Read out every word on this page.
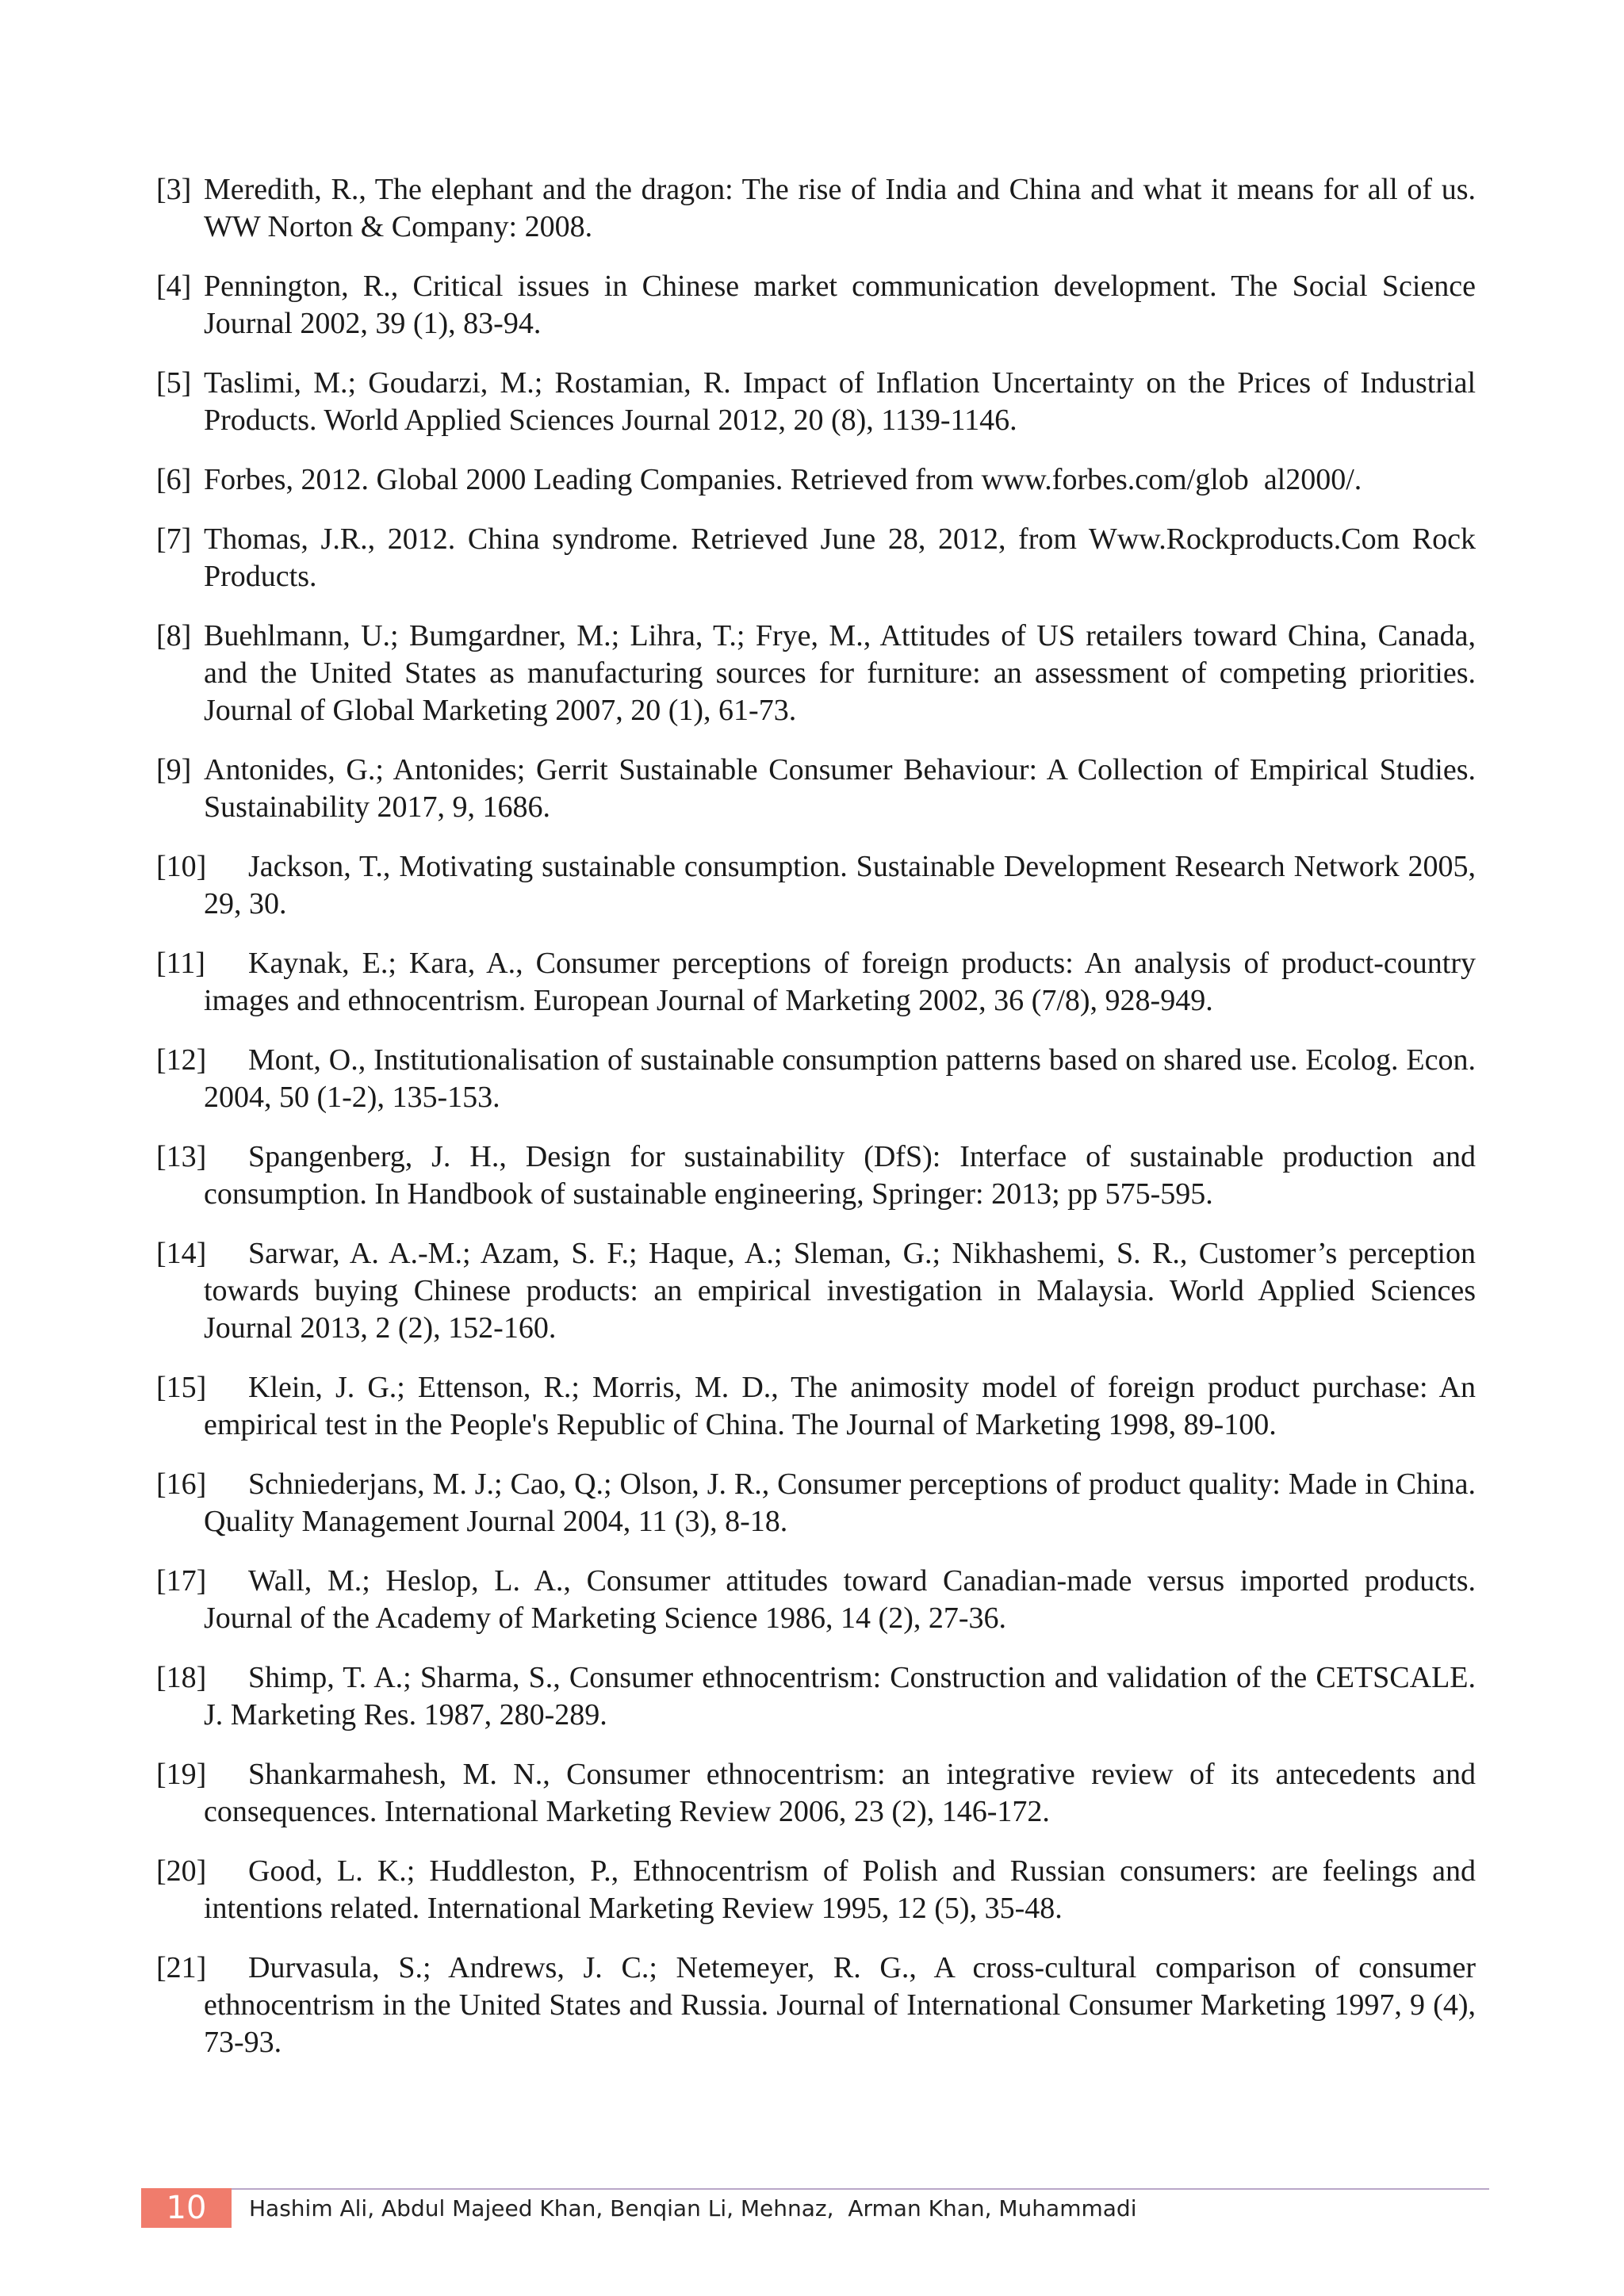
[3] Meredith, R., The elephant and the dragon: The rise of India and China and what it means for all of us. WW Norton & Company: 2008.
[4] Pennington, R., Critical issues in Chinese market communication development. The Social Science Journal 2002, 39 (1), 83-94.
[5] Taslimi, M.; Goudarzi, M.; Rostamian, R. Impact of Inflation Uncertainty on the Prices of Industrial Products. World Applied Sciences Journal 2012, 20 (8), 1139-1146.
[6] Forbes, 2012. Global 2000 Leading Companies. Retrieved from www.forbes.com/glob  al2000/.
[7] Thomas, J.R., 2012. China syndrome. Retrieved June 28, 2012, from Www.Rockproducts.Com Rock Products.
[8] Buehlmann, U.; Bumgardner, M.; Lihra, T.; Frye, M., Attitudes of US retailers toward China, Canada, and the United States as manufacturing sources for furniture: an assessment of competing priorities. Journal of Global Marketing 2007, 20 (1), 61-73.
[9] Antonides, G.; Antonides; Gerrit Sustainable Consumer Behaviour: A Collection of Empirical Studies. Sustainability 2017, 9, 1686.
[10] Jackson, T., Motivating sustainable consumption. Sustainable Development Research Network 2005, 29, 30.
[11] Kaynak, E.; Kara, A., Consumer perceptions of foreign products: An analysis of product-country images and ethnocentrism. European Journal of Marketing 2002, 36 (7/8), 928-949.
[12] Mont, O., Institutionalisation of sustainable consumption patterns based on shared use. Ecolog. Econ. 2004, 50 (1-2), 135-153.
[13] Spangenberg, J. H., Design for sustainability (DfS): Interface of sustainable production and consumption. In Handbook of sustainable engineering, Springer: 2013; pp 575-595.
[14] Sarwar, A. A.-M.; Azam, S. F.; Haque, A.; Sleman, G.; Nikhashemi, S. R., Customer’s perception towards buying Chinese products: an empirical investigation in Malaysia. World Applied Sciences Journal 2013, 2 (2), 152-160.
[15] Klein, J. G.; Ettenson, R.; Morris, M. D., The animosity model of foreign product purchase: An empirical test in the People's Republic of China. The Journal of Marketing 1998, 89-100.
[16] Schniederjans, M. J.; Cao, Q.; Olson, J. R., Consumer perceptions of product quality: Made in China. Quality Management Journal 2004, 11 (3), 8-18.
[17] Wall, M.; Heslop, L. A., Consumer attitudes toward Canadian-made versus imported products. Journal of the Academy of Marketing Science 1986, 14 (2), 27-36.
[18] Shimp, T. A.; Sharma, S., Consumer ethnocentrism: Construction and validation of the CETSCALE. J. Marketing Res. 1987, 280-289.
[19] Shankarmahesh, M. N., Consumer ethnocentrism: an integrative review of its antecedents and consequences. International Marketing Review 2006, 23 (2), 146-172.
[20] Good, L. K.; Huddleston, P., Ethnocentrism of Polish and Russian consumers: are feelings and intentions related. International Marketing Review 1995, 12 (5), 35-48.
[21] Durvasula, S.; Andrews, J. C.; Netemeyer, R. G., A cross-cultural comparison of consumer ethnocentrism in the United States and Russia. Journal of International Consumer Marketing 1997, 9 (4), 73-93.
10	Hashim Ali, Abdul Majeed Khan, Benqian Li, Mehnaz,  Arman Khan, Muhammadi
